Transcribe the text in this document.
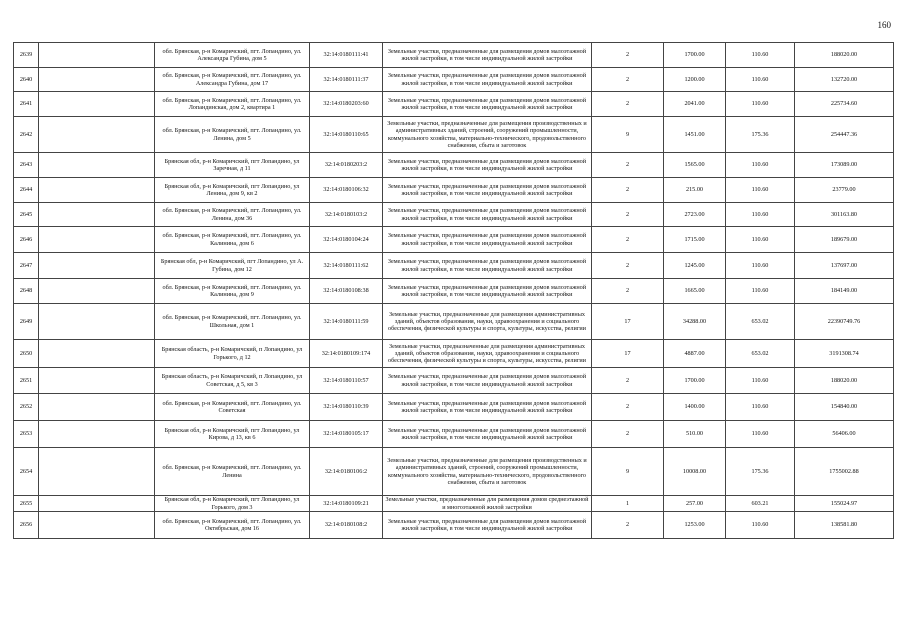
160
2639		обл. Брянская, р-н Комаричский, пгт. Лопандино, ул. Александра Губина, дом 5	32:14:0180111:41	Земельные участки, предназначенные для размещения домов малоэтажной жилой застройки, в том числе индивидуальной жилой застройки	2	1700.00	110.60	188020.00
2640		обл. Брянская, р-н Комаричский, пгт. Лопандино, ул. Александра Губина, дом 17	32:14:0180111:37	Земельные участки, предназначенные для размещения домов малоэтажной жилой застройки, в том числе индивидуальной жилой застройки	2	1200.00	110.60	132720.00
2641		обл. Брянская, р-н Комаричский, пгт. Лопандино, ул. Лопандинская, дом 2, квартира 1	32:14:0180203:60	Земельные участки, предназначенные для размещения домов малоэтажной жилой застройки, в том числе индивидуальной жилой застройки	2	2041.00	110.60	225734.60
2642		обл. Брянская, р-н Комаричский, пгт. Лопандино, ул. Ленина, дом 5	32:14:0180110:65	Земельные участки, предназначенные для размещения производственных и административных зданий, строений, сооружений промышленности, коммунального хозяйства, материально-технического, продовольственного снабжения, сбыта и заготовок	9	1451.00	175.36	254447.36
2643		Брянская обл, р-н Комаричский, пгт Лопандино, ул Заречная, д 11	32:14:0180203:2	Земельные участки, предназначенные для размещения домов малоэтажной жилой застройки, в том числе индивидуальной жилой застройки	2	1565.00	110.60	173089.00
2644		Брянская обл, р-н Комаричский, пгт Лопандино, ул Ленина, дом 9, кв 2	32:14:0180106:32	Земельные участки, предназначенные для размещения домов малоэтажной жилой застройки, в том числе индивидуальной жилой застройки	2	215.00	110.60	23779.00
2645		обл. Брянская, р-н Комаричский, пгт. Лопандино, ул. Ленина, дом 36	32:14:0180103:2	Земельные участки, предназначенные для размещения домов малоэтажной жилой застройки, в том числе индивидуальной жилой застройки	2	2723.00	110.60	301163.80
2646		обл. Брянская, р-н Комаричский, пгт. Лопандино, ул. Калинина, дом 6	32:14:0180104:24	Земельные участки, предназначенные для размещения домов малоэтажной жилой застройки, в том числе индивидуальной жилой застройки	2	1715.00	110.60	189679.00
2647		Брянская обл, р-н Комаричский, пгт Лопандино, ул А. Губина, дом 12	32:14:0180111:62	Земельные участки, предназначенные для размещения домов малоэтажной жилой застройки, в том числе индивидуальной жилой застройки	2	1245.00	110.60	137697.00
2648		обл. Брянская, р-н Комаричский, пгт. Лопандино, ул. Калинина, дом 9	32:14:0180108:38	Земельные участки, предназначенные для размещения домов малоэтажной жилой застройки, в том числе индивидуальной жилой застройки	2	1665.00	110.60	184149.00
2649		обл. Брянская, р-н Комаричский, пгт. Лопандино, ул. Школьная, дом 1	32:14:0180111:59	Земельные участки, предназначенные для размещения административных зданий, объектов образования, науки, здравоохранения и социального обеспечения, физической культуры и спорта, культуры, искусства, религии	17	34288.00	653.02	22390749.76
2650		Брянская область, р-н Комаричский, п Лопандино, ул Горького, д 12	32:14:0180109:174	Земельные участки, предназначенные для размещения административных зданий, объектов образования, науки, здравоохранения и социального обеспечения, физической культуры и спорта, культуры, искусства, религии	17	4887.00	653.02	3191308.74
2651		Брянская область, р-н Комаричский, п Лопандино, ул Советская, д 5, кв 3	32:14:0180110:57	Земельные участки, предназначенные для размещения домов малоэтажной жилой застройки, в том числе индивидуальной жилой застройки	2	1700.00	110.60	188020.00
2652		обл. Брянская, р-н Комаричский, пгт. Лопандино, ул. Советская	32:14:0180110:39	Земельные участки, предназначенные для размещения домов малоэтажной жилой застройки, в том числе индивидуальной жилой застройки	2	1400.00	110.60	154840.00
2653		Брянская обл, р-н Комаричский, пгт Лопандино, ул Кирова, д 13, кв 6	32:14:0180105:17	Земельные участки, предназначенные для размещения домов малоэтажной жилой застройки, в том числе индивидуальной жилой застройки	2	510.00	110.60	56406.00
2654		обл. Брянская, р-н Комаричский, пгт. Лопандино, ул. Ленина	32:14:0180106:2	Земельные участки, предназначенные для размещения производственных и административных зданий, строений, сооружений промышленности, коммунального хозяйства, материально-технического, продовольственного снабжения, сбыта и заготовок	9	10008.00	175.36	1755002.88
2655		Брянская обл, р-н Комаричский, пгт Лопандино, ул Горького, дом 3	32:14:0180109:21	Земельные участки, предназначенные для размещения домов среднеэтажной и многоэтажной жилой застройки	1	257.00	603.21	155024.97
2656		обл. Брянская, р-н Комаричский, пгт. Лопандино, ул. Октябрьская, дом 16	32:14:0180108:2	Земельные участки, предназначенные для размещения домов малоэтажной жилой застройки, в том числе индивидуальной жилой застройки	2	1253.00	110.60	138581.80
